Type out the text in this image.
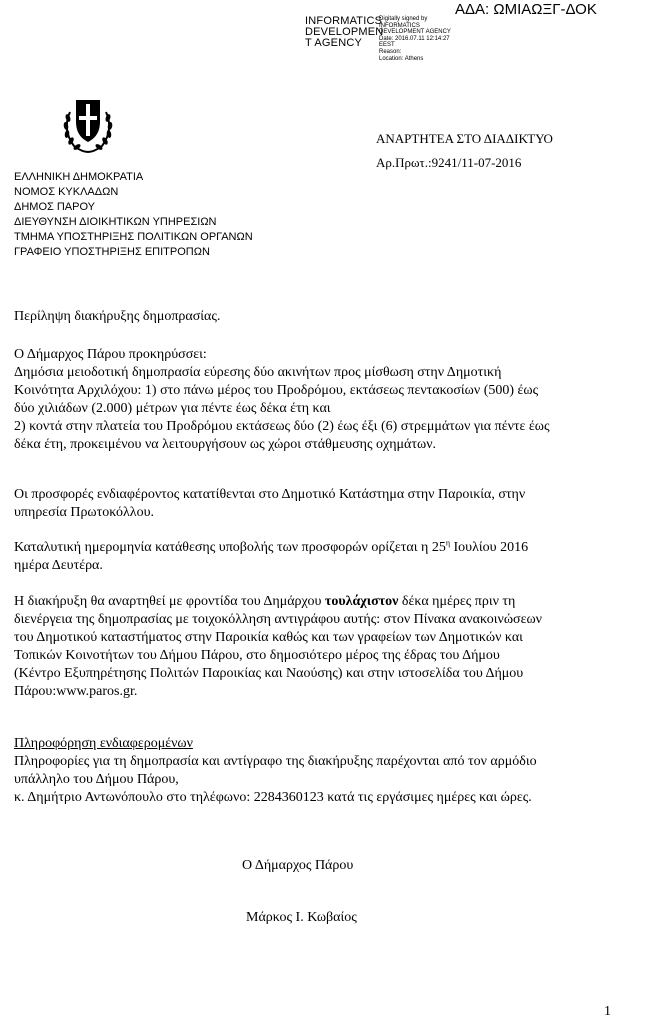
INFORMATICS
DEVELOPMEN
T AGENCY
Digitally signed by
INFORMATICS
DEVELOPMENT AGENCY
Date: 2016.07.11 12:14:27
EEST
Reason:
Location: Athens
ΑΔΑ: ΩΜΙΑΩΞΓ-ΔΟΚ
ΑΝΑΡΤΗΤΕΑ ΣΤΟ ΔΙΑΔΙΚΤΥΟ
Αρ.Πρωτ.:9241/11-07-2016
ΕΛΛΗΝΙΚΗ ΔΗΜΟΚΡΑΤΙΑ
ΝΟΜΟΣ ΚΥΚΛΑΔΩΝ
ΔΗΜΟΣ ΠΑΡΟΥ
ΔΙΕΥΘΥΝΣΗ ΔΙΟΙΚΗΤΙΚΩΝ ΥΠΗΡΕΣΙΩΝ
ΤΜΗΜΑ ΥΠΟΣΤΗΡΙΞΗΣ ΠΟΛΙΤΙΚΩΝ ΟΡΓΑΝΩΝ
ΓΡΑΦΕΙΟ ΥΠΟΣΤΗΡΙΞΗΣ ΕΠΙΤΡΟΠΩΝ
Περίληψη διακήρυξης δημοπρασίας.
Ο Δήμαρχος Πάρου προκηρύσσει:
Δημόσια μειοδοτική δημοπρασία εύρεσης δύο ακινήτων προς μίσθωση στην Δημοτική
Κοινότητα Αρχιλόχου: 1) στο πάνω μέρος του Προδρόμου, εκτάσεως πεντακοσίων (500) έως
δύο χιλιάδων (2.000) μέτρων για πέντε έως δέκα έτη και
2) κοντά στην πλατεία του Προδρόμου εκτάσεως δύο (2) έως έξι (6) στρεμμάτων για πέντε έως
δέκα έτη, προκειμένου να λειτουργήσουν ως χώροι στάθμευσης οχημάτων.
Οι προσφορές ενδιαφέροντος κατατίθενται στο Δημοτικό Κατάστημα στην Παροικία, στην
υπηρεσία Πρωτοκόλλου.
Καταλυτική ημερομηνία κατάθεσης υποβολής των προσφορών ορίζεται η $25^\eta$ Ιουλίου 2016
ημέρα Δευτέρα.
Η διακήρυξη θα αναρτηθεί με φροντίδα του Δημάρχου τουλάχιστον δέκα ημέρες πριν τη
διενέργεια της δημοπρασίας με τοιχοκόλληση αντιγράφου αυτής: στον Πίνακα ανακοινώσεων
του Δημοτικού καταστήματος στην Παροικία καθώς και των γραφείων των Δημοτικών και
Τοπικών Κοινοτήτων του Δήμου Πάρου, στο δημοσιότερο μέρος της έδρας του Δήμου
(Κέντρο Εξυπηρέτησης Πολιτών Παροικίας και Ναούσης) και στην ιστοσελίδα του Δήμου
Πάρου:www.paros.gr.
Πληροφόρηση ενδιαφερομένων
Πληροφορίες για τη δημοπρασία και αντίγραφο της διακήρυξης παρέχονται από τον αρμόδιο
υπάλληλο του Δήμου Πάρου,
κ. Δημήτριο Αντωνόπουλο στο τηλέφωνο: 2284360123 κατά τις εργάσιμες ημέρες και ώρες.
Ο Δήμαρχος Πάρου
Μάρκος Ι. Κωβαίος
1
